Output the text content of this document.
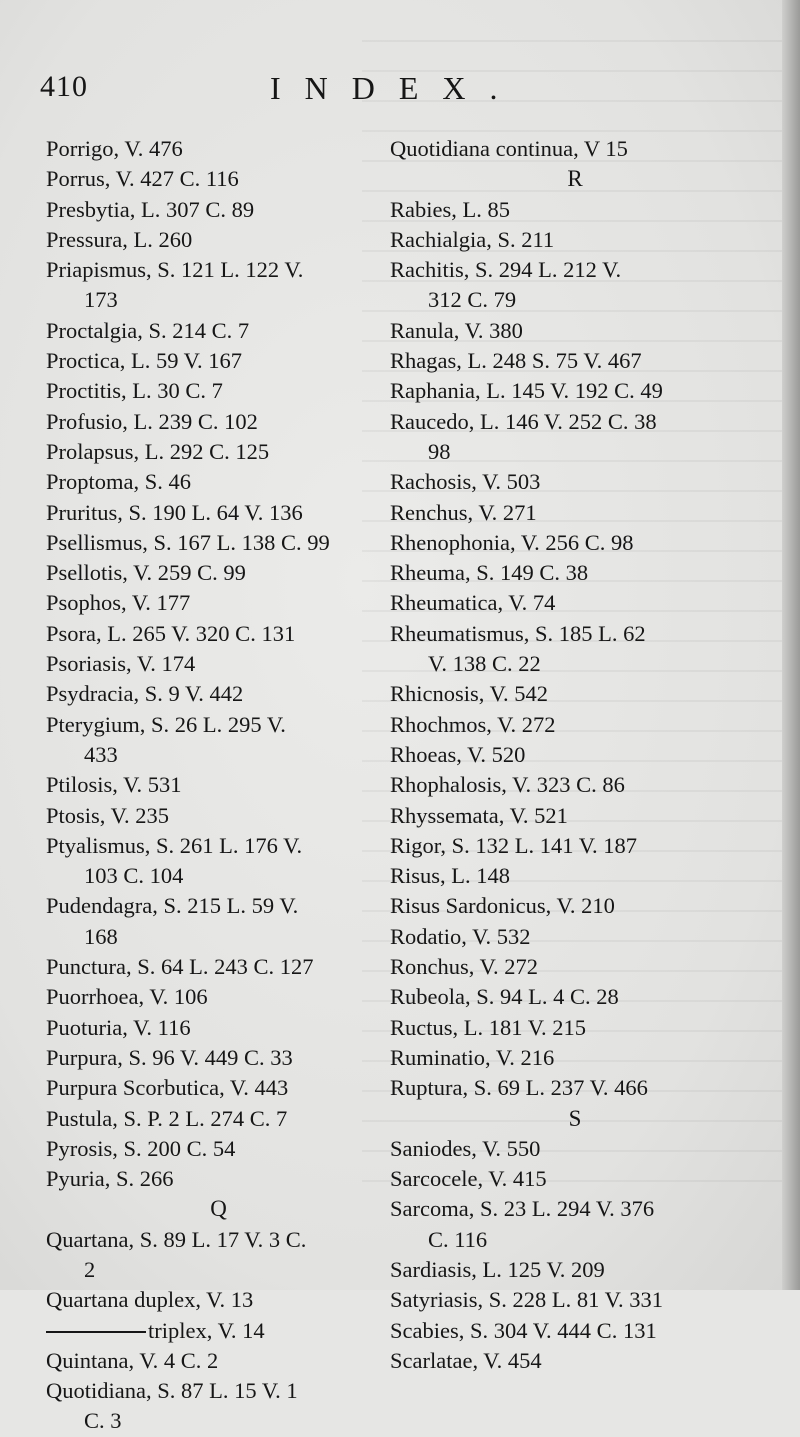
410	INDEX.
Porrigo, V. 476
Porrus, V. 427 C. 116
Presbytia, L. 307 C. 89
Pressura, L. 260
Priapismus, S. 121 L. 122 V.
173
Proctalgia, S. 214 C. 7
Proctica, L. 59 V. 167
Proctitis, L. 30 C. 7
Profusio, L. 239 C. 102
Prolapsus, L. 292 C. 125
Proptoma, S. 46
Pruritus, S. 190 L. 64 V. 136
Psellismus, S. 167 L. 138 C. 99
Psellotis, V. 259 C. 99
Psophos, V. 177
Psora, L. 265 V. 320 C. 131
Psoriasis, V. 174
Psydracia, S. 9 V. 442
Pterygium, S. 26 L. 295 V.
433
Ptilosis, V. 531
Ptosis, V. 235
Ptyalismus, S. 261 L. 176 V.
103 C. 104
Pudendagra, S. 215 L. 59 V.
168
Punctura, S. 64 L. 243 C. 127
Puorrhoea, V. 106
Puoturia, V. 116
Purpura, S. 96 V. 449 C. 33
Purpura Scorbutica, V. 443
Pustula, S. P. 2 L. 274 C. 7
Pyrosis, S. 200 C. 54
Pyuria, S. 266
Q
Quartana, S. 89 L. 17 V. 3 C.
2
Quartana duplex, V. 13
triplex, V. 14
Quintana, V. 4 C. 2
Quotidiana, S. 87 L. 15 V. 1
C. 3
Quotidiana continua, V 15
R
Rabies, L. 85
Rachialgia, S. 211
Rachitis, S. 294 L. 212 V.
312 C. 79
Ranula, V. 380
Rhagas, L. 248 S. 75 V. 467
Raphania, L. 145 V. 192 C. 49
Raucedo, L. 146 V. 252 C. 38
98
Rachosis, V. 503
Renchus, V. 271
Rhenophonia, V. 256 C. 98
Rheuma, S. 149 C. 38
Rheumatica, V. 74
Rheumatismus, S. 185 L. 62
V. 138 C. 22
Rhicnosis, V. 542
Rhochmos, V. 272
Rhoeas, V. 520
Rhophalosis, V. 323 C. 86
Rhyssemata, V. 521
Rigor, S. 132 L. 141 V. 187
Risus, L. 148
Risus Sardonicus, V. 210
Rodatio, V. 532
Ronchus, V. 272
Rubeola, S. 94 L. 4 C. 28
Ructus, L. 181 V. 215
Ruminatio, V. 216
Ruptura, S. 69 L. 237 V. 466
S
Saniodes, V. 550
Sarcocele, V. 415
Sarcoma, S. 23 L. 294 V. 376
C. 116
Sardiasis, L. 125 V. 209
Satyriasis, S. 228 L. 81 V. 331
Scabies, S. 304 V. 444 C. 131
Scarlatae, V. 454
